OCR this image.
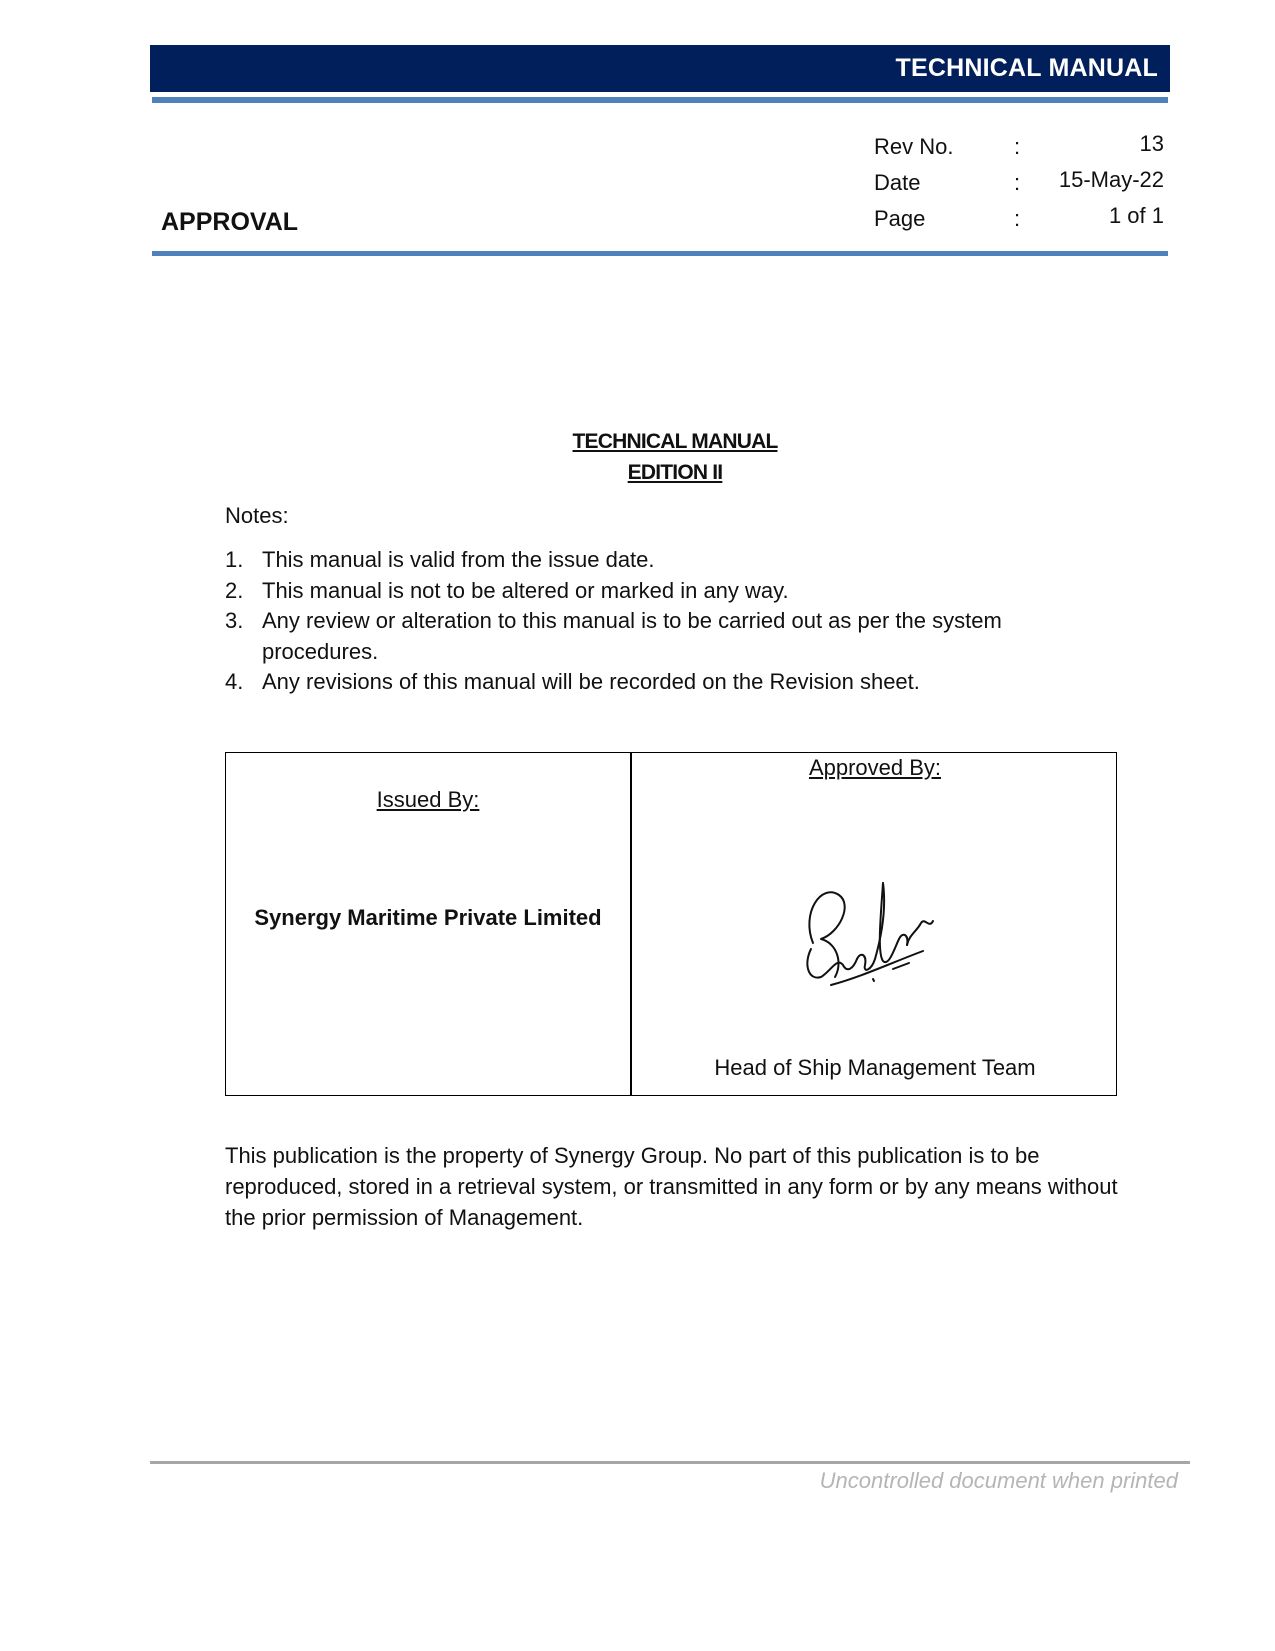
TECHNICAL MANUAL
APPROVAL
Rev No.	:	13
Date	: 15-May-22
Page	:	1 of 1
TECHNICAL MANUAL
EDITION II
Notes:
1. This manual is valid from the issue date.
2. This manual is not to be altered or marked in any way.
3. Any review or alteration to this manual is to be carried out as per the system procedures.
4. Any revisions of this manual will be recorded on the Revision sheet.
Issued By:
Synergy Maritime Private Limited
Approved By:
Head of Ship Management Team

This publication is the property of Synergy Group. No part of this publication is to be reproduced, stored in a retrieval system, or transmitted in any form or by any means without the prior permission of Management.

Uncontrolled document when printed
